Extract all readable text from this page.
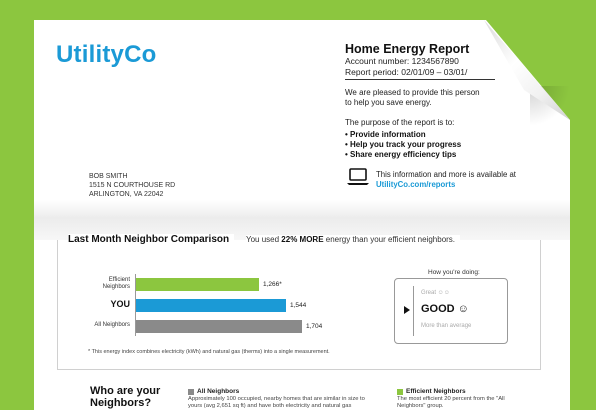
UtilityCo	Home Energy Report
Account number: 1234567890
Report period: 02/01/09 – 03/01/
We are pleased to provide this person
to help you save energy.
The purpose of the report is to:
• Provide information
• Help you track your progress
• Share energy efficiency tips
BOB SMITH
1515 N COURTHOUSE RD
ARLINGTON, VA 22042
This information and more is available at
UtilityCo.com/reports
Last Month Neighbor Comparison	You used 22% MORE energy than your efficient neighbors.
Efficient
Neighbors
YOU
All Neighbors
1,266*
1,544
1,704
* This energy index combines electricity (kWh) and natural gas (therms) into a single measurement.
How you're doing:
Great ☺☺
GOOD ☺
More than average
Who are your
Neighbors?
All Neighbors
Approximately 100 occupied, nearby homes that are similar in size to yours (avg 2,651 sq ft) and have both electricity and natural gas
Efficient Neighbors
The most efficient 20 percent from the "All Neighbors" group.
